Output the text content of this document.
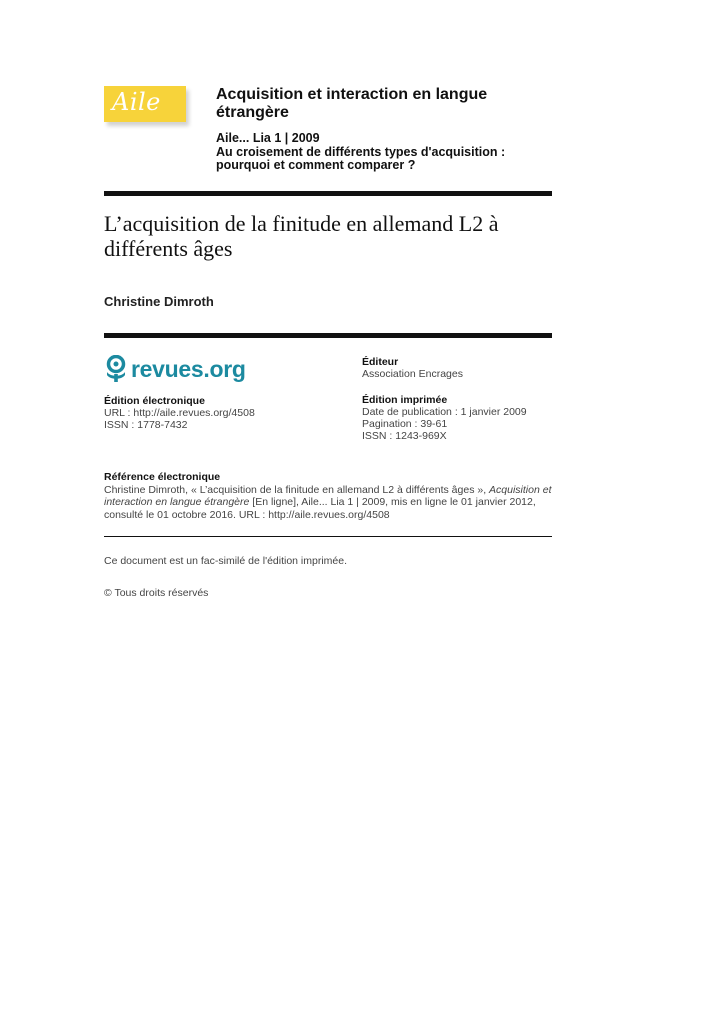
Aile	Acquisition et interaction en langue étrangère
Aile... Lia 1 | 2009
Au croisement de différents types d'acquisition : pourquoi et comment comparer ?
L’acquisition de la finitude en allemand L2 à différents âges
Christine Dimroth
revues.org
Édition électronique
URL : http://aile.revues.org/4508
ISSN : 1778-7432
Éditeur
Association Encrages
Édition imprimée
Date de publication : 1 janvier 2009
Pagination : 39-61
ISSN : 1243-969X
Référence électronique
Christine Dimroth, « L’acquisition de la finitude en allemand L2 à différents âges », Acquisition et interaction en langue étrangère [En ligne], Aile... Lia 1 | 2009, mis en ligne le 01 janvier 2012, consulté le 01 octobre 2016. URL : http://aile.revues.org/4508
Ce document est un fac-similé de l'édition imprimée.
© Tous droits réservés
